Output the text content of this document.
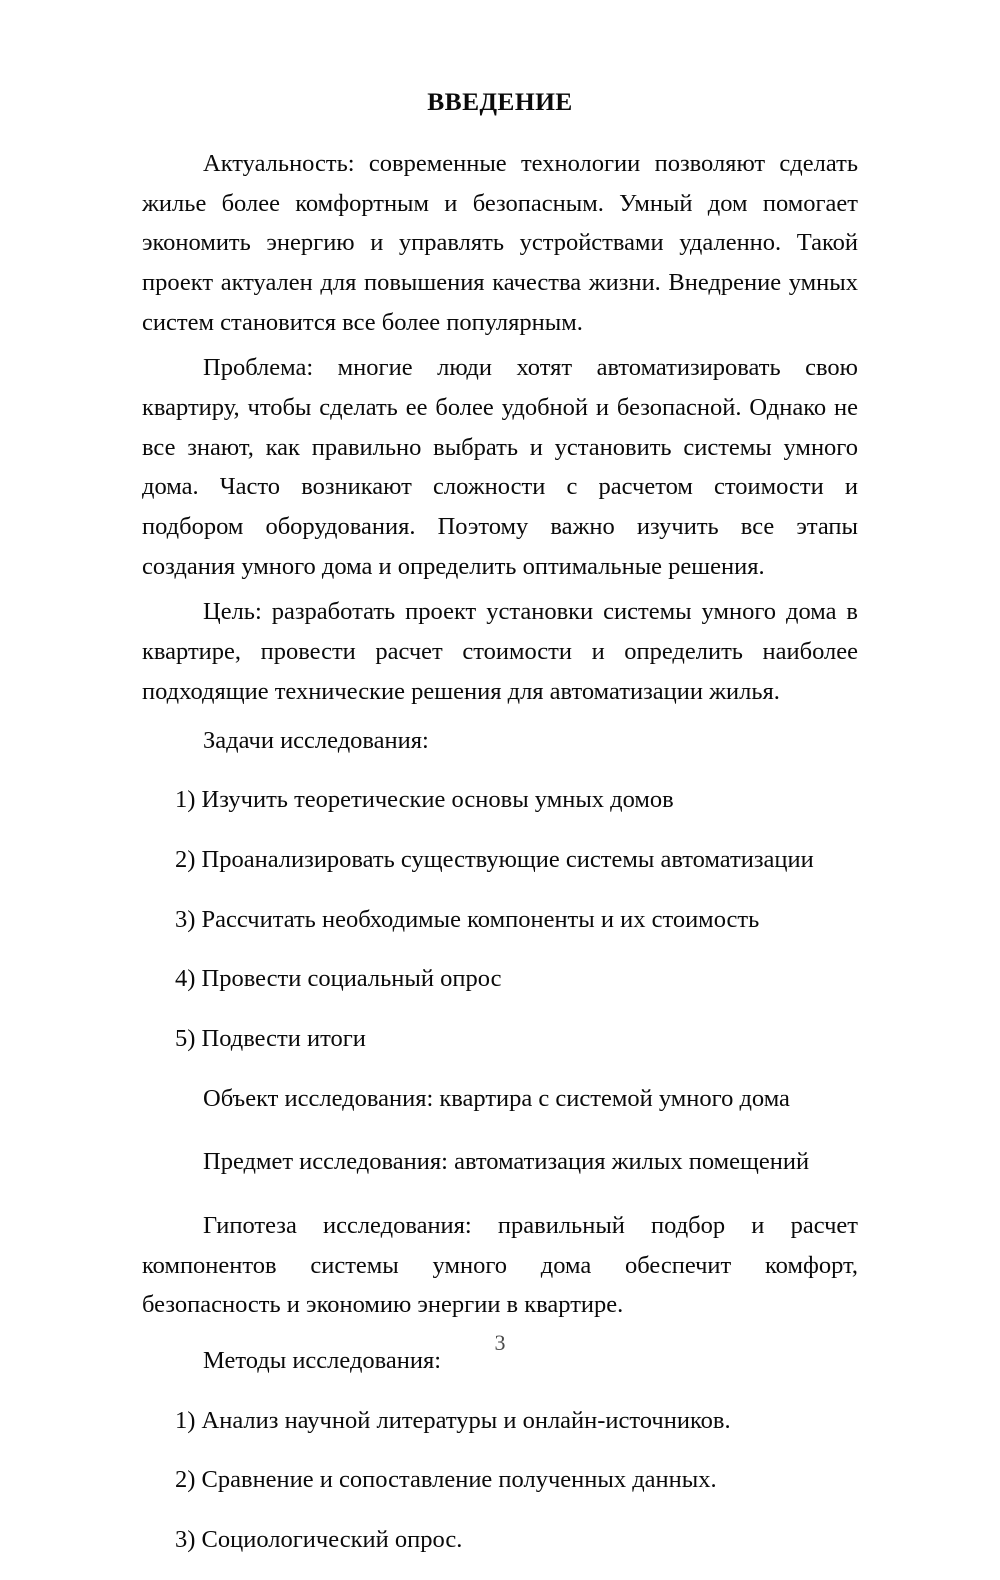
ВВЕДЕНИЕ

Актуальность: современные технологии позволяют сделать жилье более комфортным и безопасным. Умный дом помогает экономить энергию и управлять устройствами удаленно. Такой проект актуален для повышения качества жизни. Внедрение умных систем становится все более популярным.

Проблема: многие люди хотят автоматизировать свою квартиру, чтобы сделать ее более удобной и безопасной. Однако не все знают, как правильно выбрать и установить системы умного дома. Часто возникают сложности с расчетом стоимости и подбором оборудования. Поэтому важно изучить все этапы создания умного дома и определить оптимальные решения.

Цель: разработать проект установки системы умного дома в квартире, провести расчет стоимости и определить наиболее подходящие технические решения для автоматизации жилья.

Задачи исследования:

1) Изучить теоретические основы умных домов

2) Проанализировать существующие системы автоматизации

3) Рассчитать необходимые компоненты и их стоимость

4) Провести социальный опрос

5) Подвести итоги

Объект исследования: квартира с системой умного дома

Предмет исследования: автоматизация жилых помещений

Гипотеза исследования: правильный подбор и расчет компонентов системы умного дома обеспечит комфорт, безопасность и экономию энергии в квартире.

Методы исследования:

1) Анализ научной литературы и онлайн-источников.

2) Сравнение и сопоставление полученных данных.

3) Социологический опрос.

3
